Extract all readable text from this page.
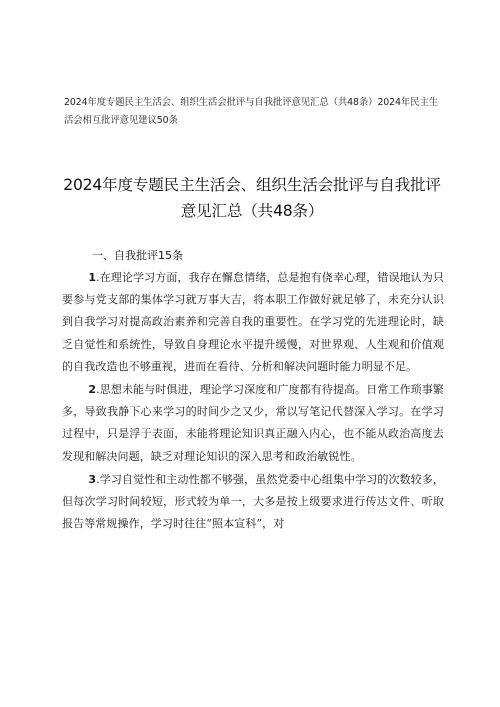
2024年度专题民主生活会、组织生活会批评与自我批评意见汇总（共48条）2024年民主生活会相互批评意见建议50条
2024年度专题民主生活会、组织生活会批评与自我批评意见汇总（共48条）
一、自我批评15条

1.在理论学习方面，我存在懈怠情绪，总是抱有侥幸心理，错误地认为只要参与党支部的集体学习就万事大吉，将本职工作做好就足够了，未充分认识到自我学习对提高政治素养和完善自我的重要性。在学习党的先进理论时，缺乏自觉性和系统性，导致自身理论水平提升缓慢，对世界观、人生观和价值观的自我改造也不够重视，进而在看待、分析和解决问题时能力明显不足。

2.思想未能与时俱进，理论学习深度和广度都有待提高。日常工作琐事繁多，导致我静下心来学习的时间少之又少，常以写笔记代替深入学习。在学习过程中，只是浮于表面，未能将理论知识真正融入内心，也不能从政治高度去发现和解决问题，缺乏对理论知识的深入思考和政治敏锐性。

3.学习自觉性和主动性都不够强，虽然党委中心组集中学习的次数较多，但每次学习时间较短，形式较为单一，大多是按上级要求进行传达文件、听取报告等常规操作，学习时往往“照本宣科”，对
